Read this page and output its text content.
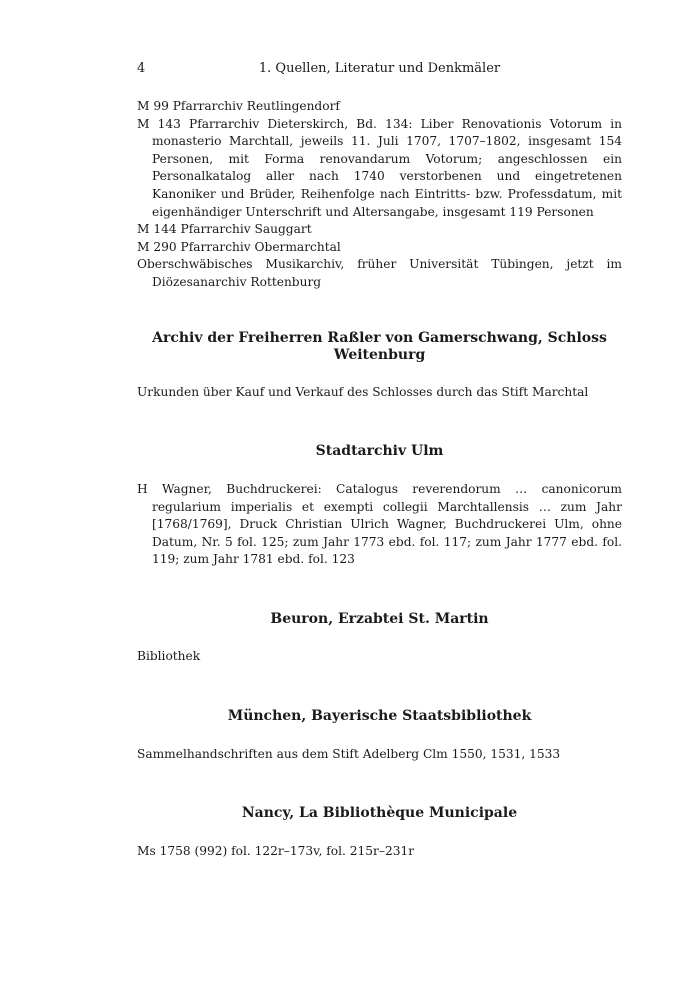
4	1. Quellen, Literatur und Denkmäler

M 99 Pfarrarchiv Reutlingendorf

M 143 Pfarrarchiv Dieterskirch, Bd. 134: Liber Renovationis Votorum in monasterio Marchtall, jeweils 11. Juli 1707, 1707–1802, insgesamt 154 Personen, mit Forma renovandarum Votorum; angeschlossen ein Personalkatalog aller nach 1740 verstorbenen und eingetretenen Kanoniker und Brüder, Reihenfolge nach Eintritts- bzw. Professdatum, mit eigenhändiger Unterschrift und Altersangabe, insgesamt 119 Personen

M 144 Pfarrarchiv Sauggart

M 290 Pfarrarchiv Obermarchtal

Oberschwäbisches Musikarchiv, früher Universität Tübingen, jetzt im Diözesanarchiv Rottenburg

Archiv der Freiherren Raßler von Gamerschwang, Schloss Weitenburg

Urkunden über Kauf und Verkauf des Schlosses durch das Stift Marchtal

Stadtarchiv Ulm

H Wagner, Buchdruckerei: Catalogus reverendorum … canonicorum regularium imperialis et exempti collegii Marchtallensis … zum Jahr [1768/1769], Druck Christian Ulrich Wagner, Buchdruckerei Ulm, ohne Datum, Nr. 5 fol. 125; zum Jahr 1773 ebd. fol. 117; zum Jahr 1777 ebd. fol. 119; zum Jahr 1781 ebd. fol. 123

Beuron, Erzabtei St. Martin

Bibliothek

München, Bayerische Staatsbibliothek

Sammelhandschriften aus dem Stift Adelberg Clm 1550, 1531, 1533

Nancy, La Bibliothèque Municipale

Ms 1758 (992) fol. 122r–173v, fol. 215r–231r
